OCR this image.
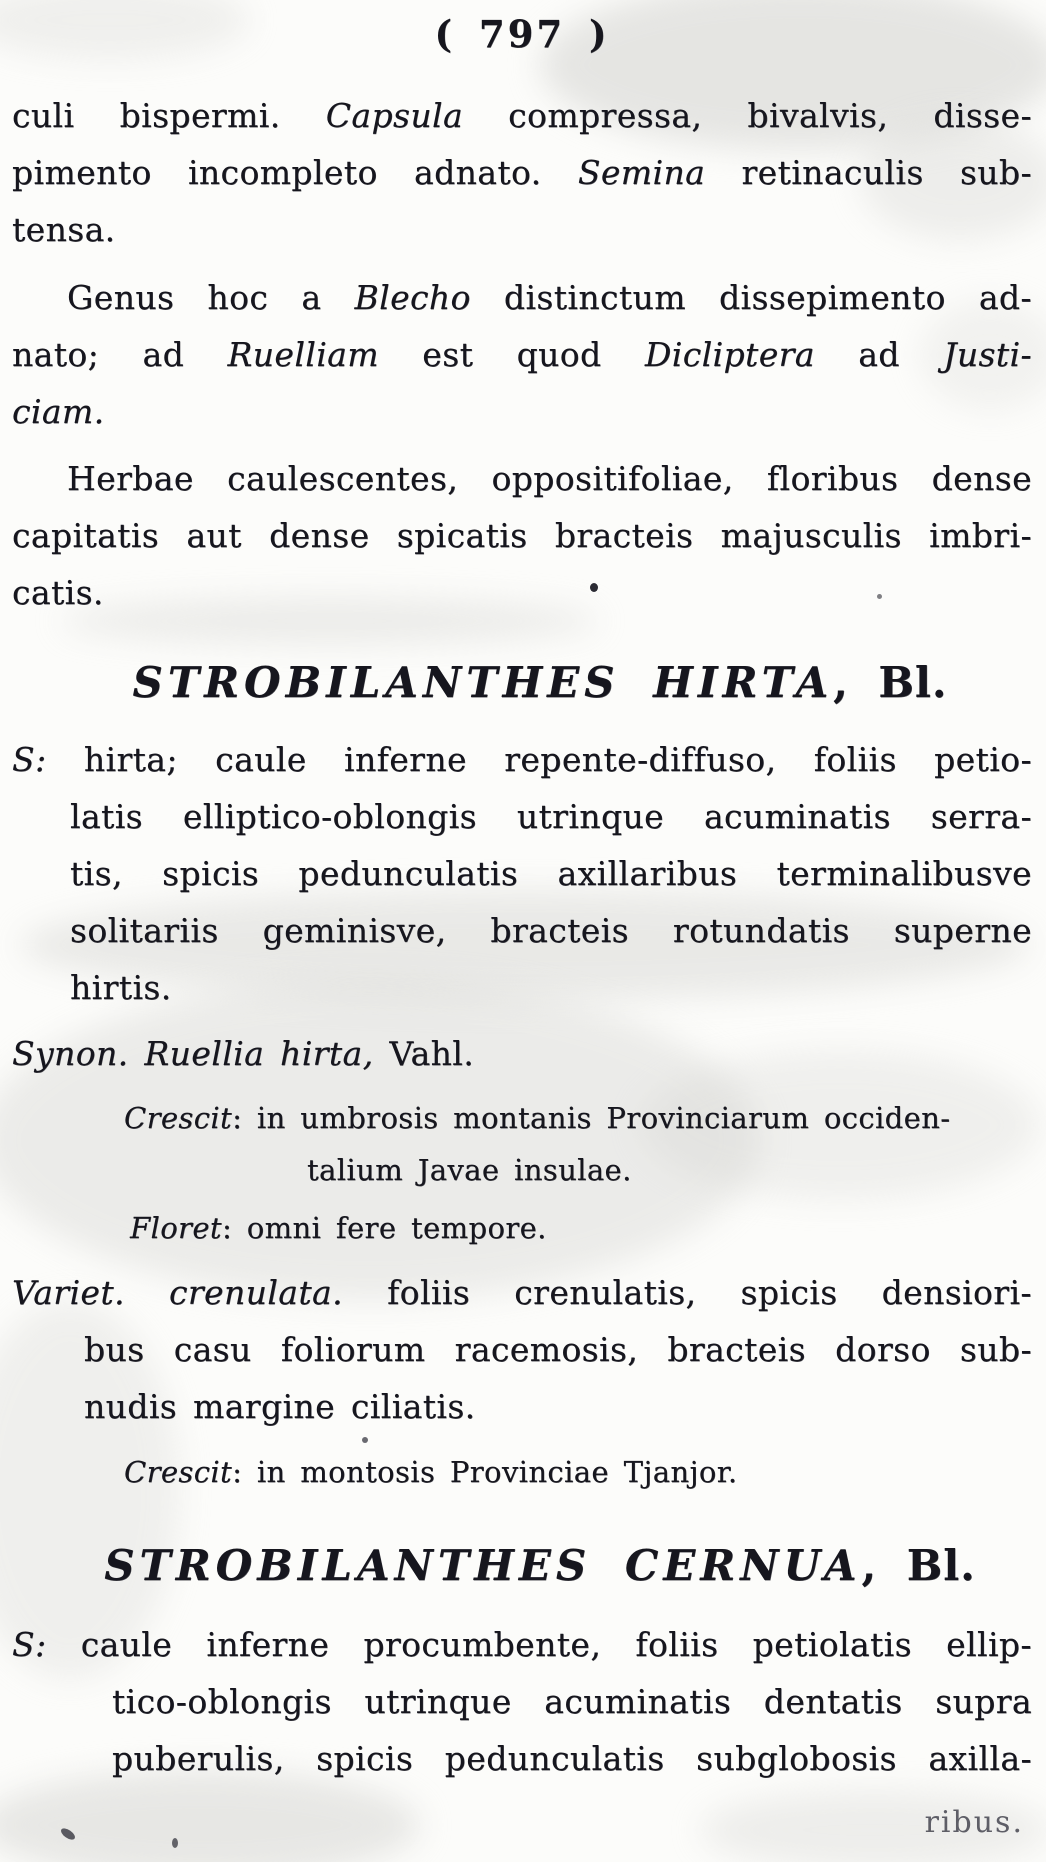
( 797 )
culi bispermi. Capsula compressa, bivalvis, disse-
pimento incompleto adnato. Semina retinaculis sub-
tensa.
Genus hoc a Blecho distinctum dissepimento ad-
nato; ad Ruelliam est quod Dicliptera ad Justi-
ciam.
Herbae caulescentes, oppositifoliae, floribus dense
capitatis aut dense spicatis bracteis majusculis imbri-
catis.
STROBILANTHES HIRTA, Bl.
S: hirta; caule inferne repente-diffuso, foliis petio-
latis elliptico-oblongis utrinque acuminatis serra-
tis, spicis pedunculatis axillaribus terminalibusve
solitariis geminisve, bracteis rotundatis superne
hirtis.
Synon. Ruellia hirta, Vahl.
Crescit: in umbrosis montanis Provinciarum occiden-
talium Javae insulae.
Floret: omni fere tempore.
Variet. crenulata. foliis crenulatis, spicis densiori-
bus casu foliorum racemosis, bracteis dorso sub-
nudis margine ciliatis.
Crescit: in montosis Provinciae Tjanjor.
STROBILANTHES CERNUA, Bl.
S: caule inferne procumbente, foliis petiolatis ellip-
tico-oblongis utrinque acuminatis dentatis supra
puberulis, spicis pedunculatis subglobosis axilla-
ribus.
